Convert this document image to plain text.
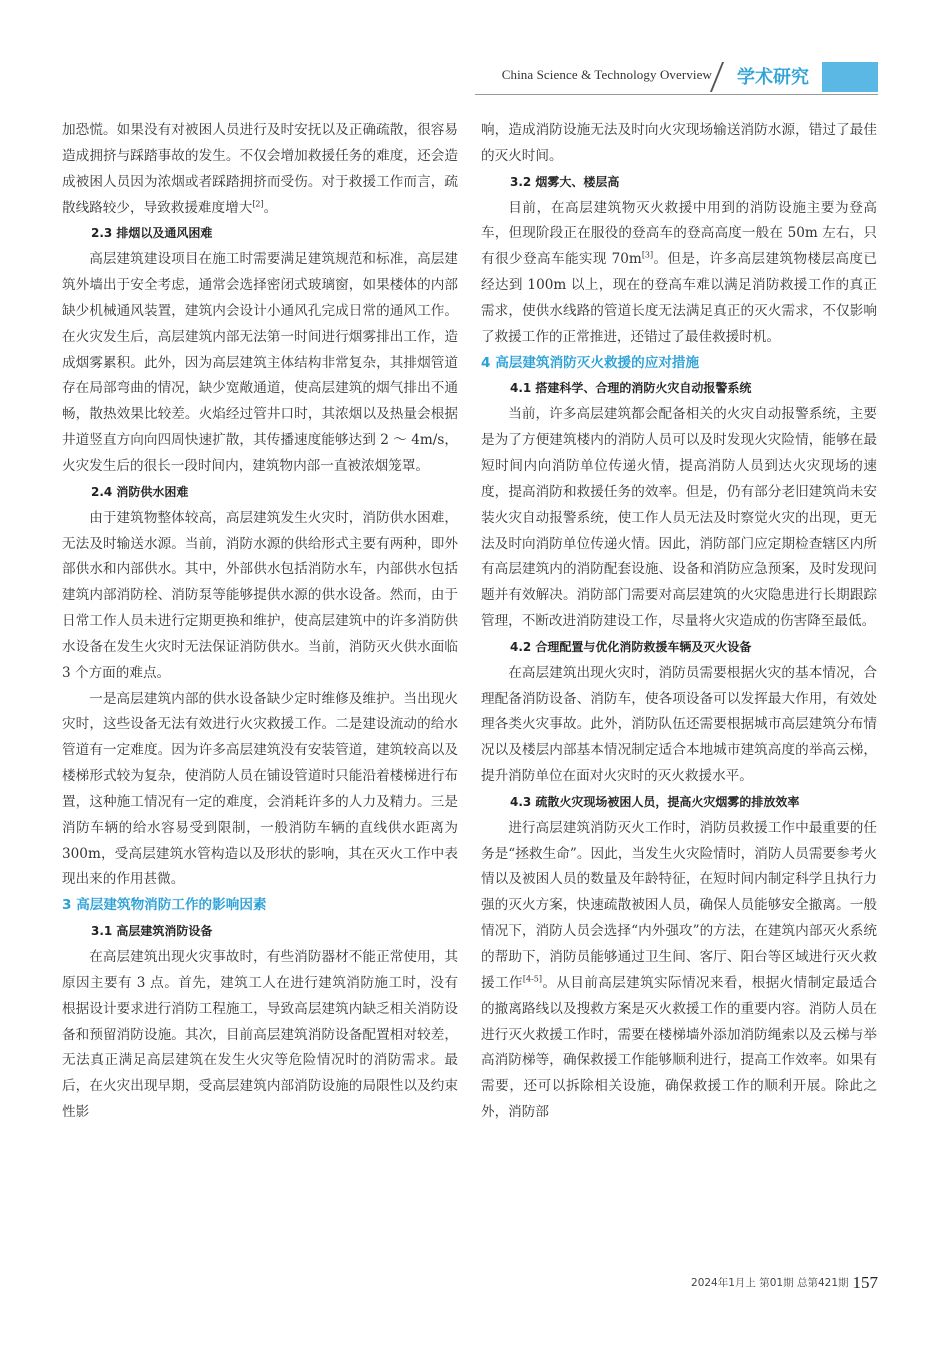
China Science & Technology Overview 学术研究

加恐慌。如果没有对被困人员进行及时安抚以及正确疏散，很容易造成拥挤与踩踏事故的发生。不仅会增加救援任务的难度，还会造成被困人员因为浓烟或者踩踏拥挤而受伤。对于救援工作而言，疏散线路较少，导致救援难度增大[2]。

2.3 排烟以及通风困难

高层建筑建设项目在施工时需要满足建筑规范和标准，高层建筑外墙出于安全考虑，通常会选择密闭式玻璃窗，如果楼体的内部缺少机械通风装置，建筑内会设计小通风孔完成日常的通风工作。在火灾发生后，高层建筑内部无法第一时间进行烟雾排出工作，造成烟雾累积。此外，因为高层建筑主体结构非常复杂，其排烟管道存在局部弯曲的情况，缺少宽敞通道，使高层建筑的烟气排出不通畅，散热效果比较差。火焰经过管井口时，其浓烟以及热量会根据井道竖直方向向四周快速扩散，其传播速度能够达到 2 ～ 4m/s，火灾发生后的很长一段时间内，建筑物内部一直被浓烟笼罩。

2.4 消防供水困难

由于建筑物整体较高，高层建筑发生火灾时，消防供水困难，无法及时输送水源。当前，消防水源的供给形式主要有两种，即外部供水和内部供水。其中，外部供水包括消防水车，内部供水包括建筑内部消防栓、消防泵等能够提供水源的供水设备。然而，由于日常工作人员未进行定期更换和维护，使高层建筑中的许多消防供水设备在发生火灾时无法保证消防供水。当前，消防灭火供水面临 3 个方面的难点。

一是高层建筑内部的供水设备缺少定时维修及维护。当出现火灾时，这些设备无法有效进行火灾救援工作。二是建设流动的给水管道有一定难度。因为许多高层建筑没有安装管道，建筑较高以及楼梯形式较为复杂，使消防人员在铺设管道时只能沿着楼梯进行布置，这种施工情况有一定的难度，会消耗许多的人力及精力。三是消防车辆的给水容易受到限制，一般消防车辆的直线供水距离为 300m，受高层建筑水管构造以及形状的影响，其在灭火工作中表现出来的作用甚微。

3 高层建筑物消防工作的影响因素
3.1 高层建筑消防设备

在高层建筑出现火灾事故时，有些消防器材不能正常使用，其原因主要有 3 点。首先，建筑工人在进行建筑消防施工时，没有根据设计要求进行消防工程施工，导致高层建筑内缺乏相关消防设备和预留消防设施。其次，目前高层建筑消防设备配置相对较差，无法真正满足高层建筑在发生火灾等危险情况时的消防需求。最后，在火灾出现早期，受高层建筑内部消防设施的局限性以及约束性影

响，造成消防设施无法及时向火灾现场输送消防水源，错过了最佳的灭火时间。

3.2 烟雾大、楼层高

目前，在高层建筑物灭火救援中用到的消防设施主要为登高车，但现阶段正在服役的登高车的登高高度一般在 50m 左右，只有很少登高车能实现 70m[3]。但是，许多高层建筑物楼层高度已经达到 100m 以上，现在的登高车难以满足消防救援工作的真正需求，使供水线路的管道长度无法满足真正的灭火需求，不仅影响了救援工作的正常推进，还错过了最佳救援时机。

4 高层建筑消防灭火救援的应对措施
4.1 搭建科学、合理的消防火灾自动报警系统

当前，许多高层建筑都会配备相关的火灾自动报警系统，主要是为了方便建筑楼内的消防人员可以及时发现火灾险情，能够在最短时间内向消防单位传递火情，提高消防人员到达火灾现场的速度，提高消防和救援任务的效率。但是，仍有部分老旧建筑尚未安装火灾自动报警系统，使工作人员无法及时察觉火灾的出现，更无法及时向消防单位传递火情。因此，消防部门应定期检查辖区内所有高层建筑内的消防配套设施、设备和消防应急预案，及时发现问题并有效解决。消防部门需要对高层建筑的火灾隐患进行长期跟踪管理，不断改进消防建设工作，尽量将火灾造成的伤害降至最低。

4.2 合理配置与优化消防救援车辆及灭火设备

在高层建筑出现火灾时，消防员需要根据火灾的基本情况，合理配备消防设备、消防车，使各项设备可以发挥最大作用，有效处理各类火灾事故。此外，消防队伍还需要根据城市高层建筑分布情况以及楼层内部基本情况制定适合本地城市建筑高度的举高云梯，提升消防单位在面对火灾时的灭火救援水平。

4.3 疏散火灾现场被困人员，提高火灾烟雾的排放效率

进行高层建筑消防灭火工作时，消防员救援工作中最重要的任务是“拯救生命”。因此，当发生火灾险情时，消防人员需要参考火情以及被困人员的数量及年龄特征，在短时间内制定科学且执行力强的灭火方案，快速疏散被困人员，确保人员能够安全撤离。一般情况下，消防人员会选择“内外强攻”的方法，在建筑内部灭火系统的帮助下，消防员能够通过卫生间、客厅、阳台等区域进行灭火救援工作[4-5]。从目前高层建筑实际情况来看，根据火情制定最适合的撤离路线以及搜救方案是灭火救援工作的重要内容。消防人员在进行灭火救援工作时，需要在楼梯墙外添加消防绳索以及云梯与举高消防梯等，确保救援工作能够顺利进行，提高工作效率。如果有需要，还可以拆除相关设施，确保救援工作的顺利开展。除此之外，消防部

2024年1月上 第01期 总第421期 157
